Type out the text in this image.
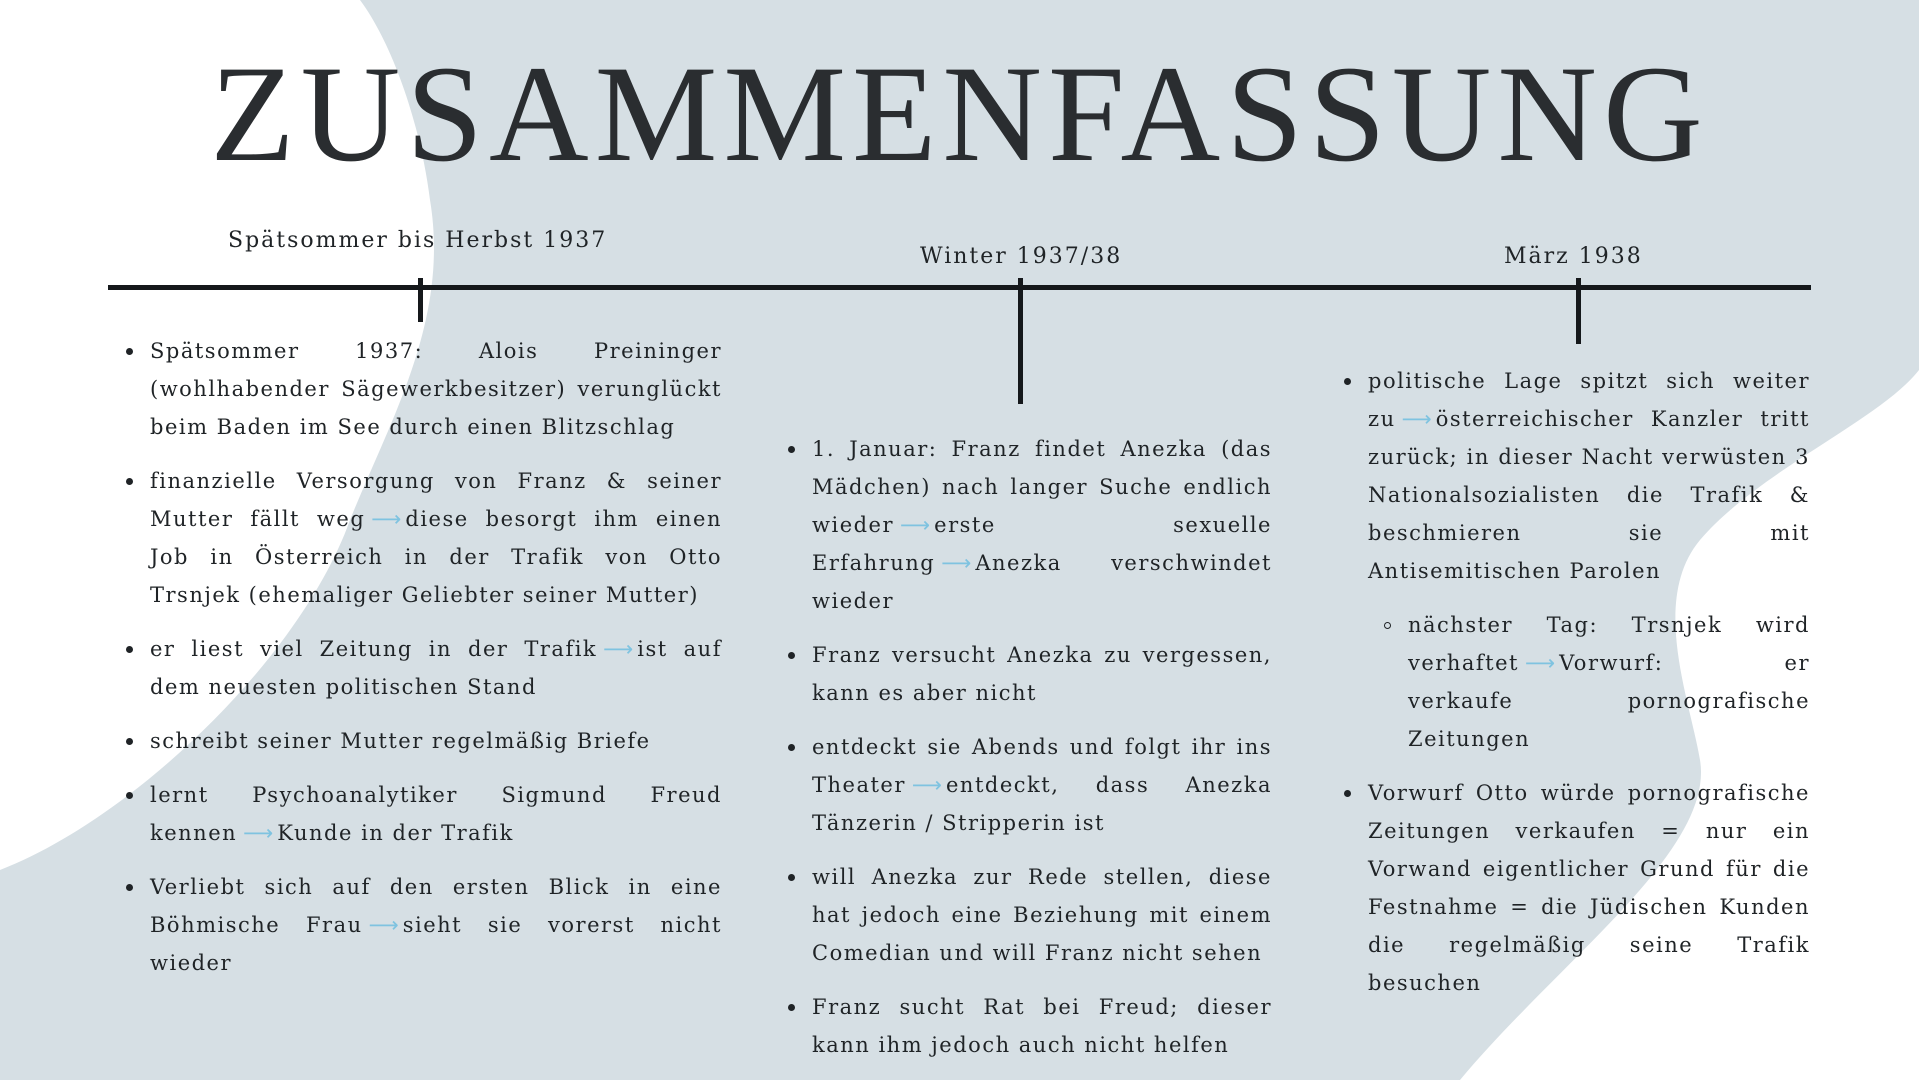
ZUSAMMENFASSUNG
Spätsommer bis Herbst 1937
Winter 1937/38	März 1938
Spätsommer 1937: Alois Preininger (wohlhabender Sägewerkbesitzer) verunglückt beim Baden im See durch einen Blitzschlag
finanzielle Versorgung von Franz & seiner Mutter fällt weg ⟶ diese besorgt ihm einen Job in Österreich in der Trafik von Otto Trsnjek (ehemaliger Geliebter seiner Mutter)
er liest viel Zeitung in der Trafik ⟶ ist auf dem neuesten politischen Stand
schreibt seiner Mutter regelmäßig Briefe
lernt Psychoanalytiker Sigmund Freud kennen ⟶ Kunde in der Trafik
Verliebt sich auf den ersten Blick in eine Böhmische Frau ⟶ sieht sie vorerst nicht wieder
1. Januar: Franz findet Anezka (das Mädchen) nach langer Suche endlich wieder ⟶ erste sexuelle Erfahrung ⟶ Anezka verschwindet wieder
Franz versucht Anezka zu vergessen, kann es aber nicht
entdeckt sie Abends und folgt ihr ins Theater ⟶ entdeckt, dass Anezka Tänzerin / Stripperin ist
will Anezka zur Rede stellen, diese hat jedoch eine Beziehung mit einem Comedian und will Franz nicht sehen
Franz sucht Rat bei Freud; dieser kann ihm jedoch auch nicht helfen
politische Lage spitzt sich weiter zu ⟶ österreichischer Kanzler tritt zurück; in dieser Nacht verwüsten 3 Nationalsozialisten die Trafik & beschmieren sie mit Antisemitischen Parolen
nächster Tag: Trsnjek wird verhaftet ⟶ Vorwurf: er verkaufe pornografische Zeitungen
Vorwurf Otto würde pornografische Zeitungen verkaufen = nur ein Vorwand eigentlicher Grund für die Festnahme = die Jüdischen Kunden die regelmäßig seine Trafik besuchen
